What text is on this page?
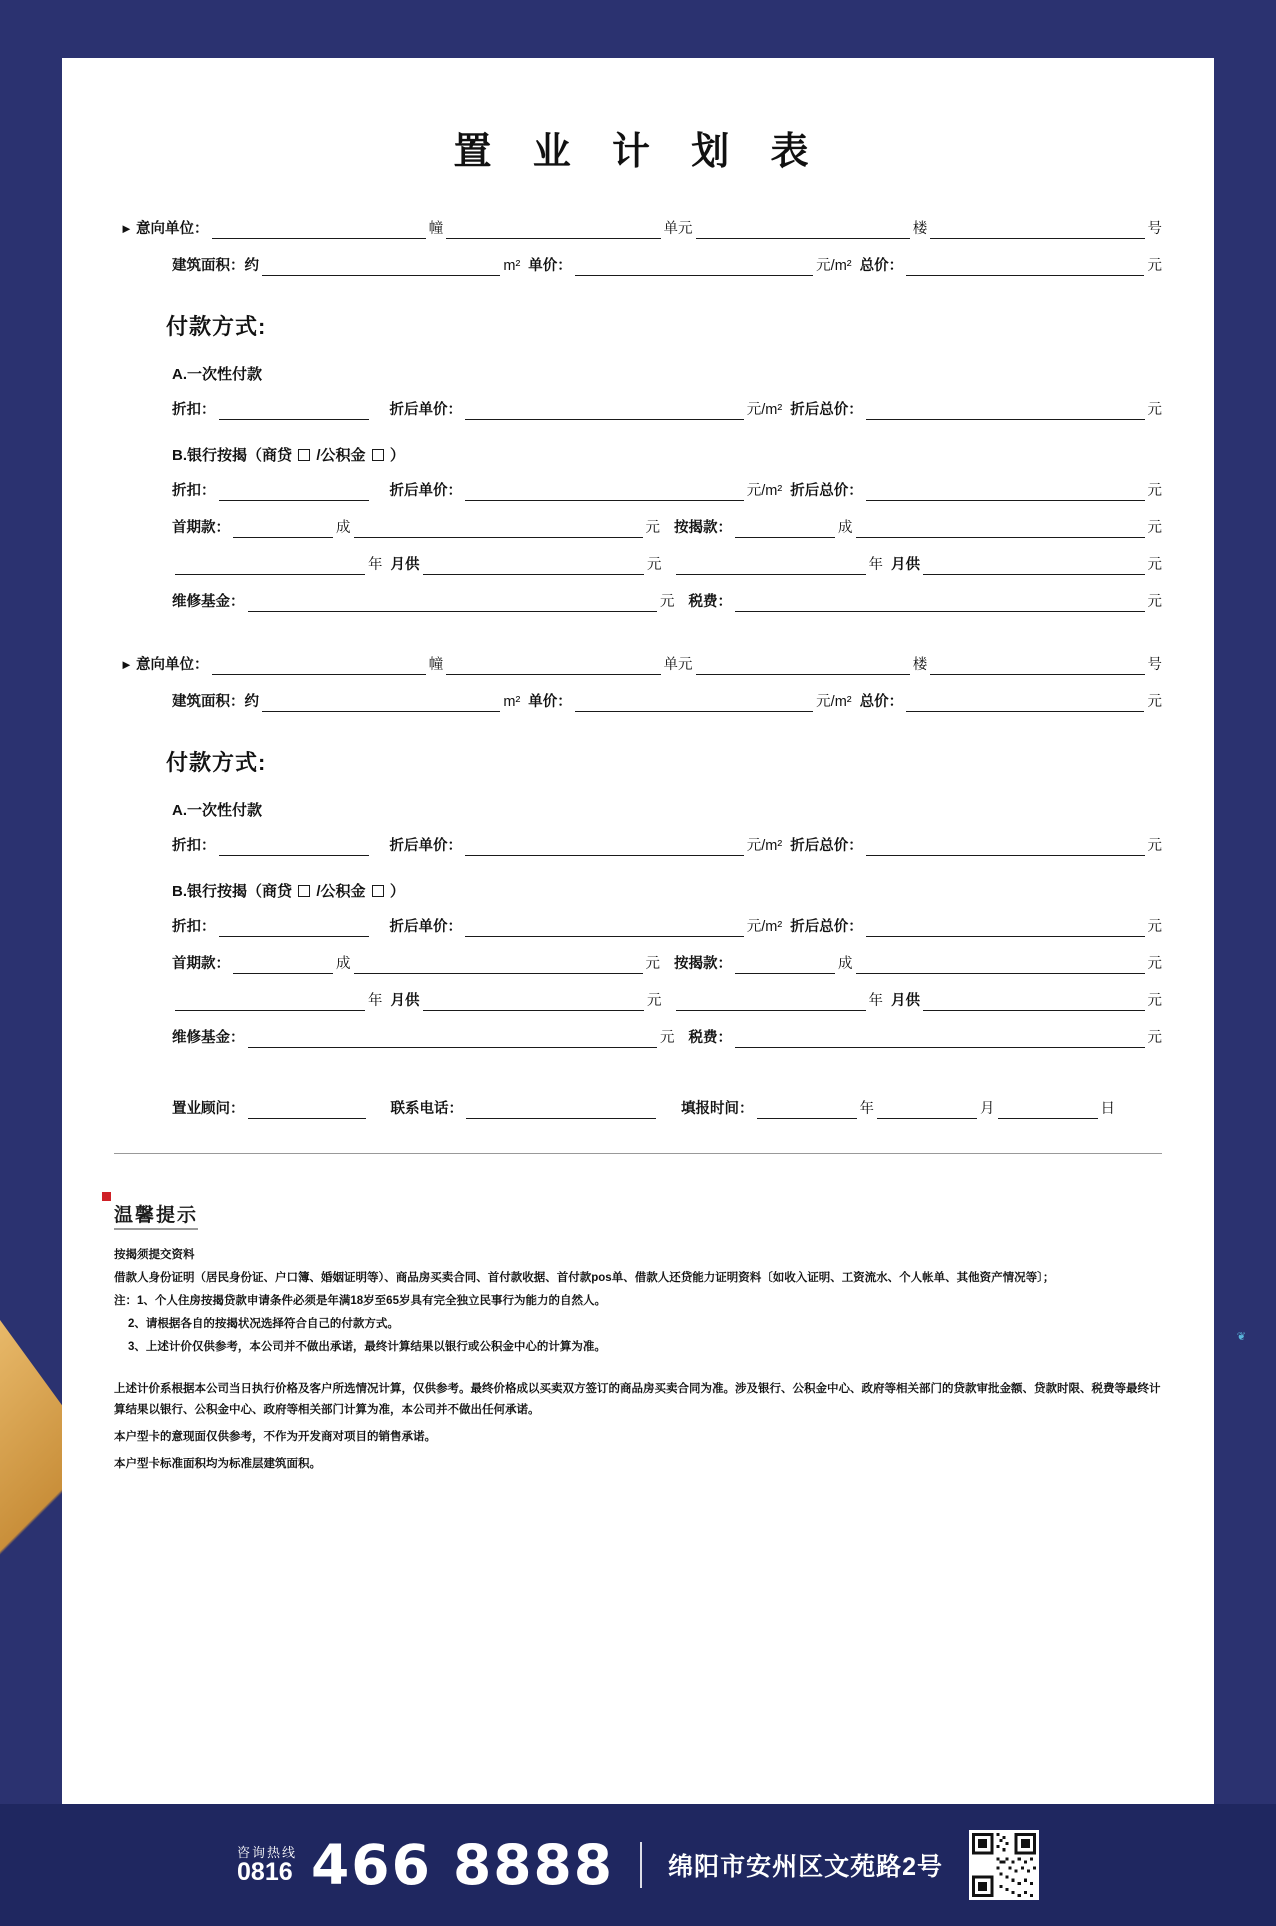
❦
置 业 计 划 表
► 意向单位：	幢	单元	楼	号
建筑面积：约	m² 单价：	元/m² 总价：	元
付款方式:
A.一次性付款
折扣：	折后单价：	元/m² 折后总价：	元
B.银行按揭（商贷 /公积金 ）
折扣：	折后单价：	元/m² 折后总价：	元
首期款：	成	元 按揭款：	成	元
年 月供	元	年 月供	元
维修基金：	元 税费：	元
► 意向单位：	幢	单元	楼	号
建筑面积：约	m² 单价：	元/m² 总价：	元
付款方式:
A.一次性付款
折扣：	折后单价：	元/m² 折后总价：	元
B.银行按揭（商贷 /公积金 ）
折扣：	折后单价：	元/m² 折后总价：	元
首期款：	成	元 按揭款：	成	元
年 月供	元	年 月供	元
维修基金：	元 税费：	元
置业顾问：	联系电话：	填报时间：	年	月	日
温馨提示

按揭须提交资料

借款人身份证明（居民身份证、户口簿、婚姻证明等）、商品房买卖合同、首付款收据、首付款pos单、借款人还贷能力证明资料〔如收入证明、工资流水、个人帐单、其他资产情况等〕；

注：1、个人住房按揭贷款申请条件必须是年满18岁至65岁具有完全独立民事行为能力的自然人。

2、请根据各自的按揭状况选择符合自己的付款方式。

3、上述计价仅供参考，本公司并不做出承诺，最终计算结果以银行或公积金中心的计算为准。

上述计价系根据本公司当日执行价格及客户所选情况计算，仅供参考。最终价格成以买卖双方签订的商品房买卖合同为准。涉及银行、公积金中心、政府等相关部门的贷款审批金额、贷款时限、税费等最终计算结果以银行、公积金中心、政府等相关部门计算为准，本公司并不做出任何承诺。

本户型卡的意现面仅供参考，不作为开发商对项目的销售承诺。

本户型卡标准面积均为标准层建筑面积。

咨询热线
0816 466 8888 绵阳市安州区文苑路2号
